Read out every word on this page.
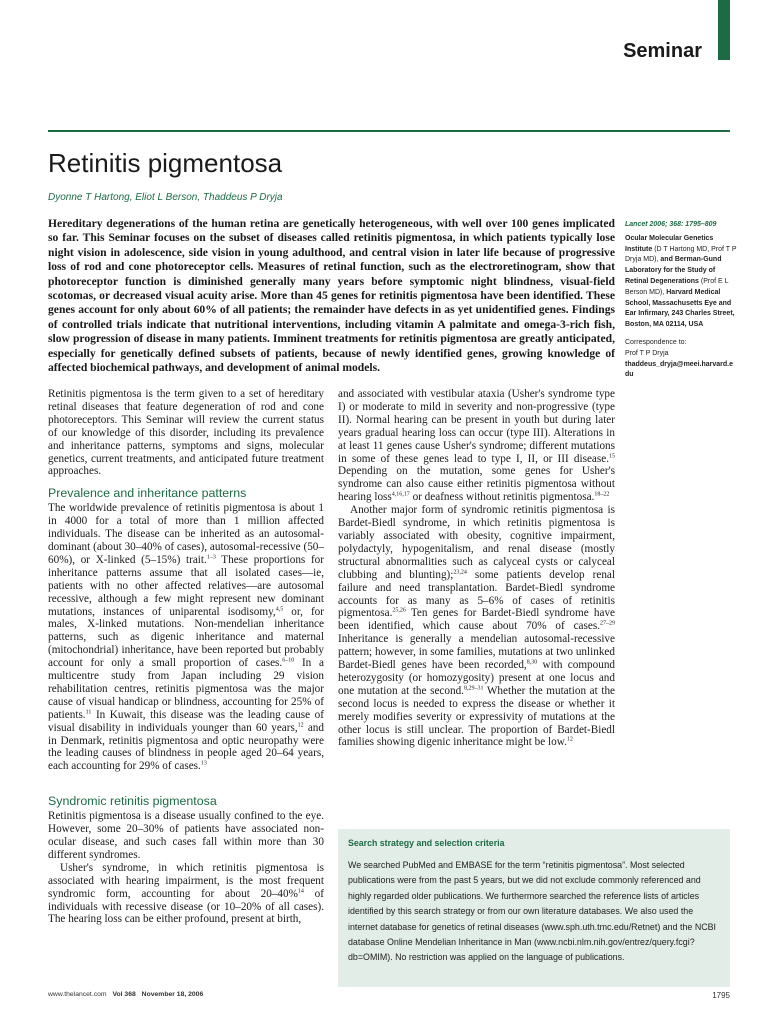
Seminar
Retinitis pigmentosa
Dyonne T Hartong, Eliot L Berson, Thaddeus P Dryja

Hereditary degenerations of the human retina are genetically heterogeneous, with well over 100 genes implicated so far. This Seminar focuses on the subset of diseases called retinitis pigmentosa, in which patients typically lose night vision in adolescence, side vision in young adulthood, and central vision in later life because of progressive loss of rod and cone photoreceptor cells. Measures of retinal function, such as the electroretinogram, show that photoreceptor function is diminished generally many years before symptomic night blindness, visual-field scotomas, or decreased visual acuity arise. More than 45 genes for retinitis pigmentosa have been identified. These genes account for only about 60% of all patients; the remainder have defects in as yet unidentified genes. Findings of controlled trials indicate that nutritional interventions, including vitamin A palmitate and omega-3-rich fish, slow progression of disease in many patients. Imminent treatments for retinitis pigmentosa are greatly anticipated, especially for genetically defined subsets of patients, because of newly identified genes, growing knowledge of affected biochemical pathways, and development of animal models.

Lancet 2006; 368: 1795–809

Ocular Molecular Genetics Institute (D T Hartong MD, Prof T P Dryja MD), and Berman-Gund Laboratory for the Study of Retinal Degenerations (Prof E L Berson MD), Harvard Medical School, Massachusetts Eye and Ear Infirmary, 243 Charles Street, Boston, MA 02114, USA

Correspondence to:
Prof T P Dryja
thaddeus_dryja@meei.harvard.edu

Retinitis pigmentosa is the term given to a set of hereditary retinal diseases that feature degeneration of rod and cone photoreceptors. This Seminar will review the current status of our knowledge of this disorder, including its prevalence and inheritance patterns, symptoms and signs, molecular genetics, current treatments, and anticipated future treatment approaches.

Prevalence and inheritance patterns

The worldwide prevalence of retinitis pigmentosa is about 1 in 4000 for a total of more than 1 million affected individuals. The disease can be inherited as an autosomal-dominant (about 30–40% of cases), autosomal-recessive (50–60%), or X-linked (5–15%) trait.$^{1-3}$ These proportions for inheritance patterns assume that all isolated cases—ie, patients with no other affected relatives—are autosomal recessive, although a few might represent new dominant mutations, instances of uniparental isodisomy,$^{4,5}$ or, for males, X-linked mutations. Non-mendelian inheritance patterns, such as digenic inheritance and maternal (mitochondrial) inheritance, have been reported but probably account for only a small proportion of cases.$^{6-10}$ In a multicentre study from Japan including 29 vision rehabilitation centres, retinitis pigmentosa was the major cause of visual handicap or blindness, accounting for 25% of patients.$^{11}$ In Kuwait, this disease was the leading cause of visual disability in individuals younger than 60 years,$^{12}$ and in Denmark, retinitis pigmentosa and optic neuropathy were the leading causes of blindness in people aged 20–64 years, each accounting for 29% of cases.$^{13}$

Syndromic retinitis pigmentosa

Retinitis pigmentosa is a disease usually confined to the eye. However, some 20–30% of patients have associated non-ocular disease, and such cases fall within more than 30 different syndromes.

Usher's syndrome, in which retinitis pigmentosa is associated with hearing impairment, is the most frequent syndromic form, accounting for about 20–40%$^{14}$ of individuals with recessive disease (or 10–20% of all cases). The hearing loss can be either profound, present at birth,

and associated with vestibular ataxia (Usher's syndrome type I) or moderate to mild in severity and non-progressive (type II). Normal hearing can be present in youth but during later years gradual hearing loss can occur (type III). Alterations in at least 11 genes cause Usher's syndrome; different mutations in some of these genes lead to type I, II, or III disease.$^{15}$ Depending on the mutation, some genes for Usher's syndrome can also cause either retinitis pigmentosa without hearing loss$^{4,16,17}$ or deafness without retinitis pigmentosa.$^{18-22}$

Another major form of syndromic retinitis pigmentosa is Bardet-Biedl syndrome, in which retinitis pigmentosa is variably associated with obesity, cognitive impairment, polydactyly, hypogenitalism, and renal disease (mostly structural abnormalities such as calyceal cysts or calyceal clubbing and blunting);$^{23,24}$ some patients develop renal failure and need transplantation. Bardet-Biedl syndrome accounts for as many as 5–6% of cases of retinitis pigmentosa.$^{25,26}$ Ten genes for Bardet-Biedl syndrome have been identified, which cause about 70% of cases.$^{27-29}$ Inheritance is generally a mendelian autosomal-recessive pattern; however, in some families, mutations at two unlinked Bardet-Biedl genes have been recorded,$^{8,30}$ with compound heterozygosity (or homozygosity) present at one locus and one mutation at the second.$^{8,29-31}$ Whether the mutation at the second locus is needed to express the disease or whether it merely modifies severity or expressivity of mutations at the other locus is still unclear. The proportion of Bardet-Biedl families showing digenic inheritance might be low.$^{12}$

Search strategy and selection criteria

We searched PubMed and EMBASE for the term “retinitis pigmentosa”. Most selected publications were from the past 5 years, but we did not exclude commonly referenced and highly regarded older publications. We furthermore searched the reference lists of articles identified by this search strategy or from our own literature databases. We also used the internet database for genetics of retinal diseases (www.sph.uth.tmc.edu/Retnet) and the NCBI database Online Mendelian Inheritance in Man (www.ncbi.nlm.nih.gov/entrez/query.fcgi?db=OMIM). No restriction was applied on the language of publications.

www.thelancet.com Vol 368 November 18, 2006	1795
